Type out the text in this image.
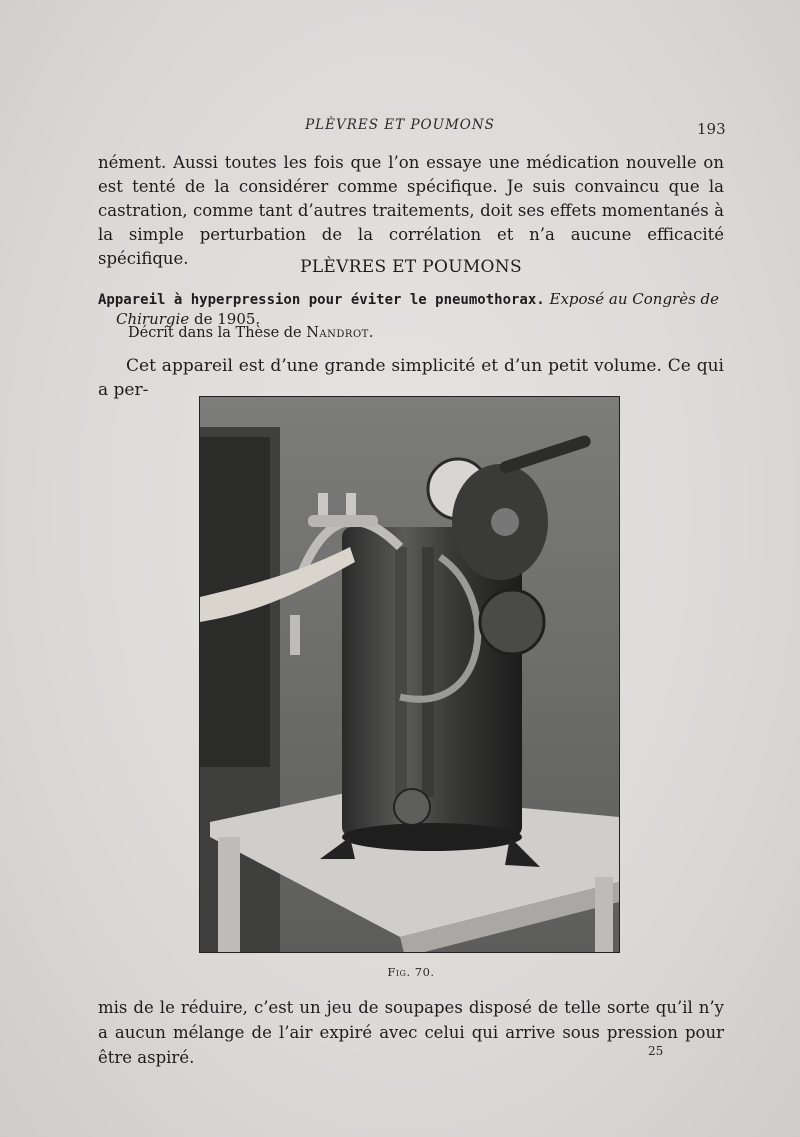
PLÈVRES ET POUMONS	193
nément. Aussi toutes les fois que l’on essaye une médication nouvelle on est tenté de la considérer comme spécifique. Je suis convaincu que la castration, comme tant d’autres traitements, doit ses effets momentanés à la simple perturbation de la corrélation et n’a aucune efficacité spécifique.	PLÈVRES ET POUMONS
Appareil à hyperpression pour éviter le pneumothorax. Exposé au Congrès de
Chirurgie de 1905.
Décrit dans la Thèse de Nandrot.
Cet appareil est d’une grande simplicité et d’un petit volume. Ce qui a per-
Fig. 70.
mis de le réduire, c’est un jeu de soupapes disposé de telle sorte qu’il n’y a aucun mélange de l’air expiré avec celui qui arrive sous pression pour être aspiré.	25
